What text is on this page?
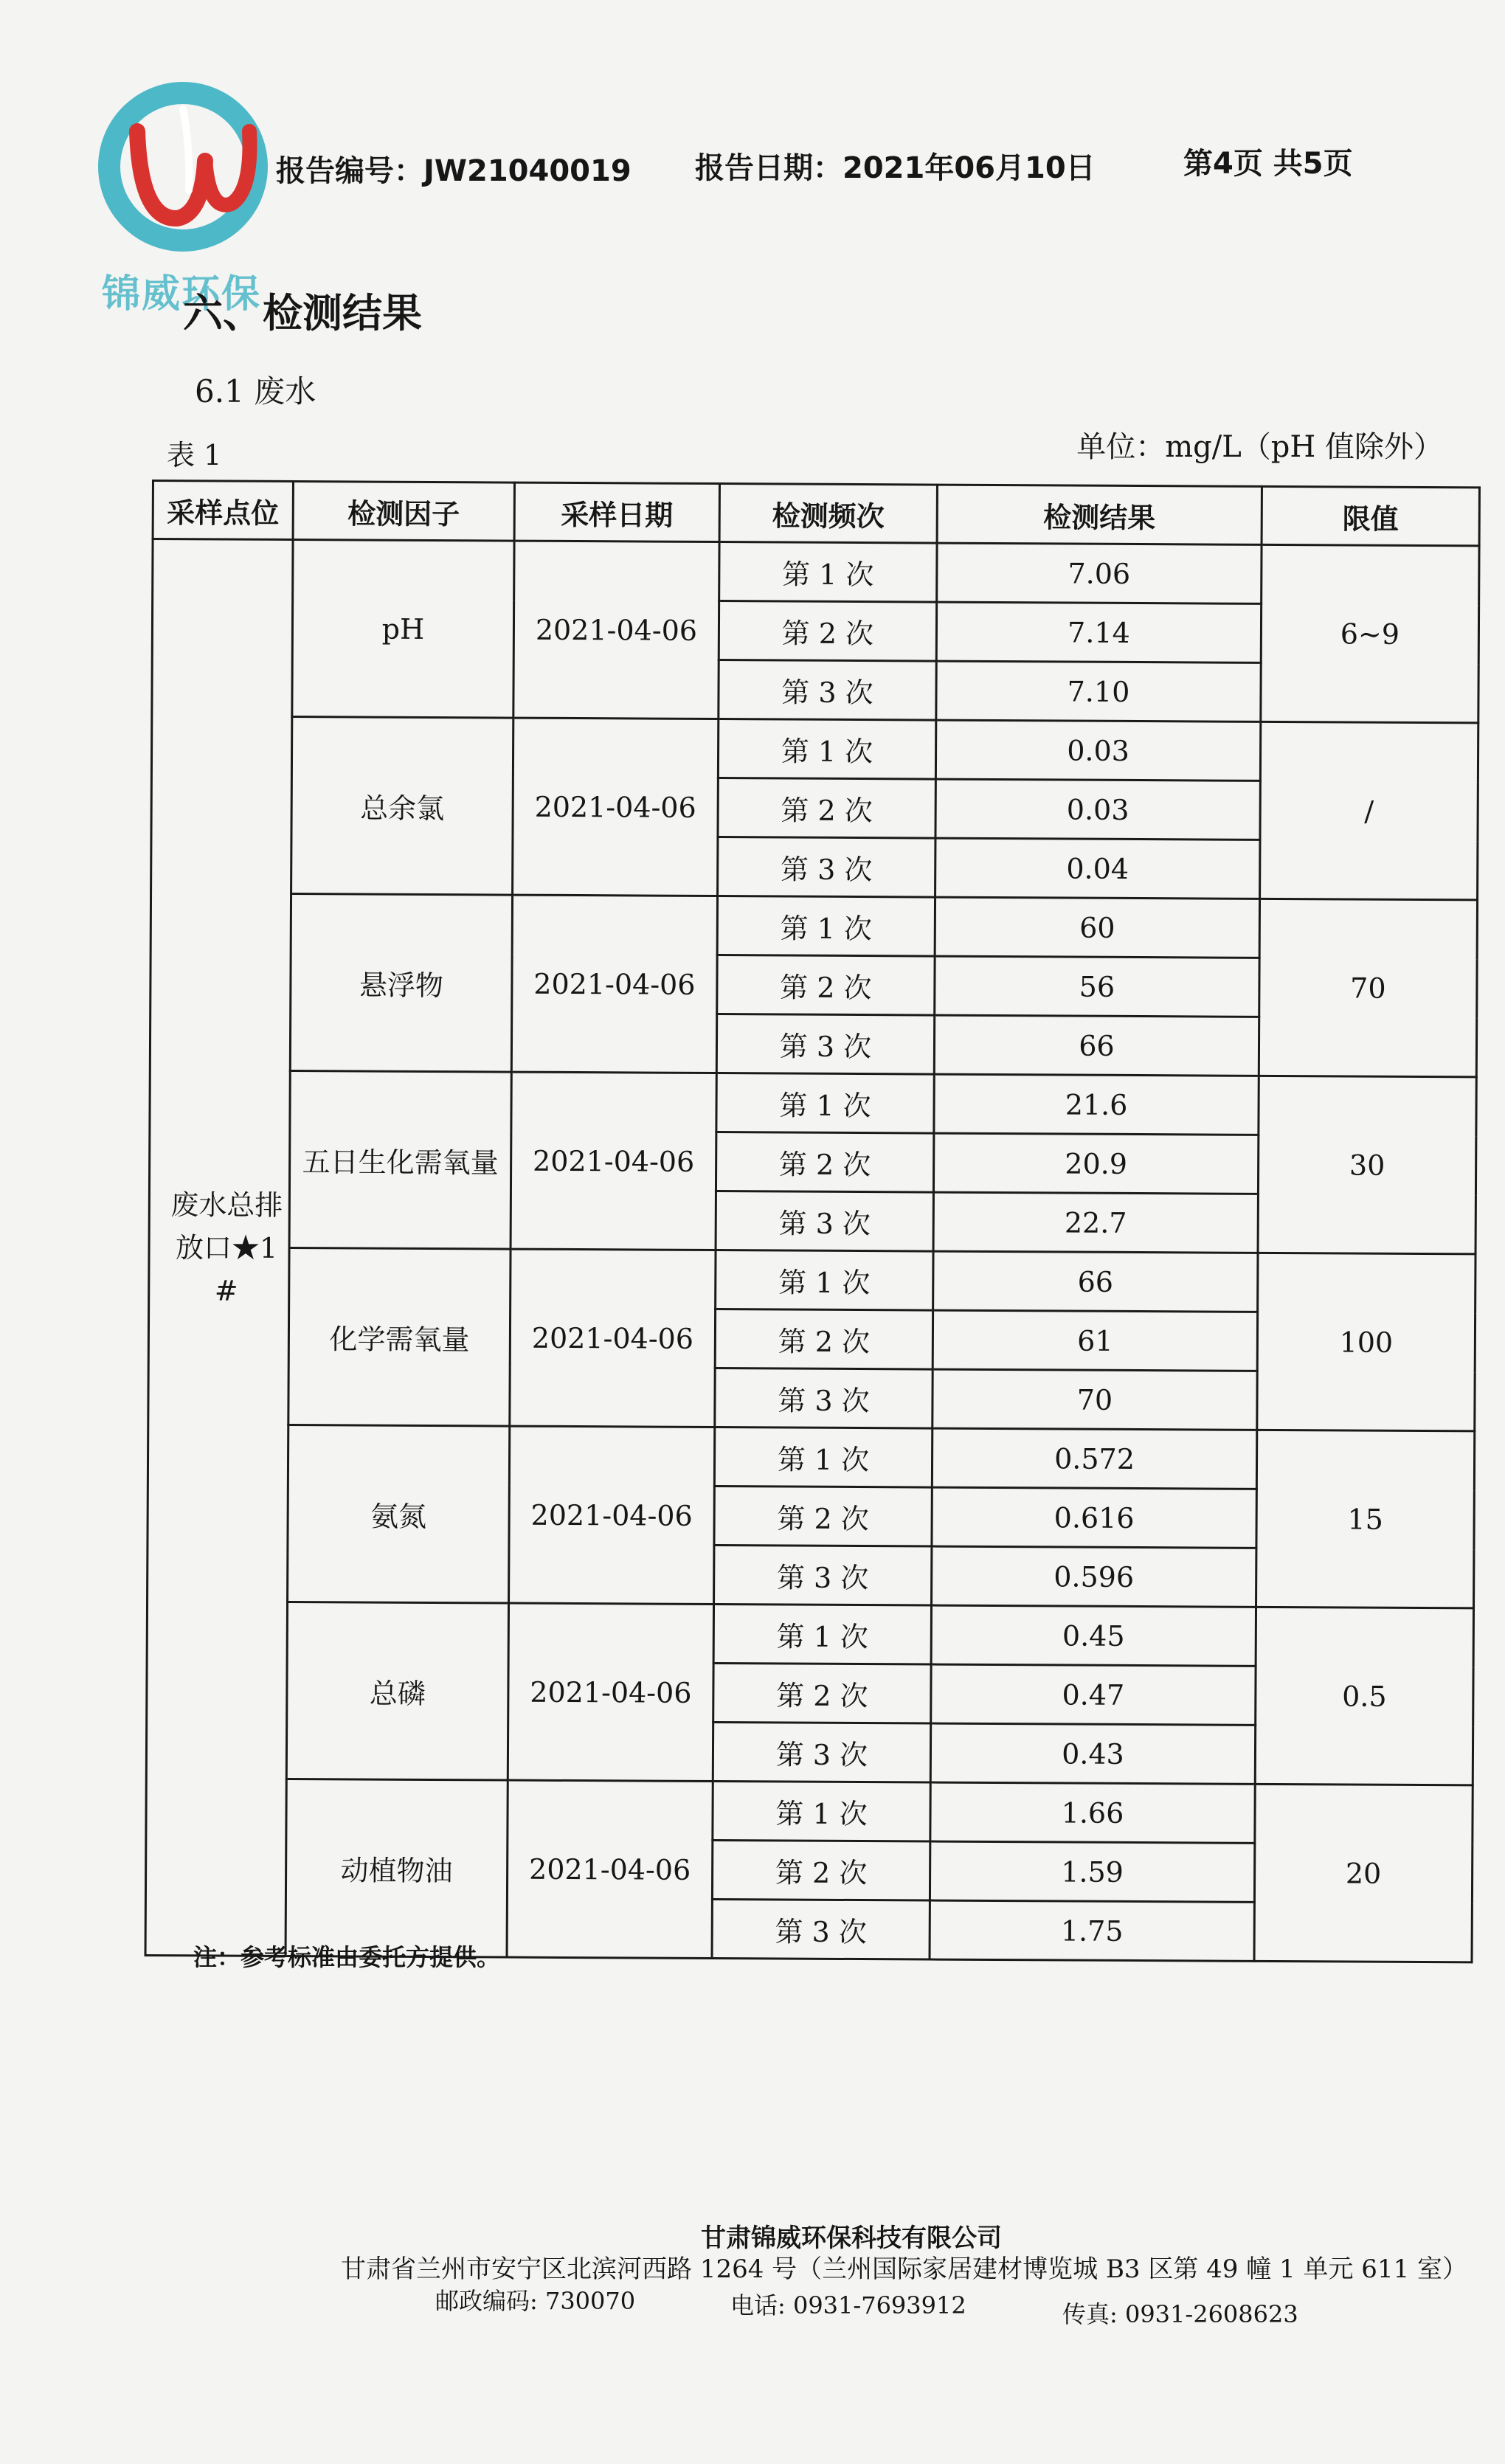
锦威环保
报告编号：JW21040019 报告日期：2021年06月10日	第4页 共5页
六、检测结果
6.1 废水
表 1	单位：mg/L（pH 值除外）
采样点位	检测因子	采样日期	检测频次	检测结果	限值
废水总排放口★1#	pH	2021-04-06	第 1 次	7.06	6~9
			第 2 次	7.14	
			第 3 次	7.10	
	总余氯	2021-04-06	第 1 次	0.03	/
			第 2 次	0.03	
			第 3 次	0.04	
	悬浮物	2021-04-06	第 1 次	60	70
			第 2 次	56	
			第 3 次	66	
	五日生化需氧量	2021-04-06	第 1 次	21.6	30
			第 2 次	20.9	
			第 3 次	22.7	
	化学需氧量	2021-04-06	第 1 次	66	100
			第 2 次	61	
			第 3 次	70	
	氨氮	2021-04-06	第 1 次	0.572	15
			第 2 次	0.616	
			第 3 次	0.596	
	总磷	2021-04-06	第 1 次	0.45	0.5
			第 2 次	0.47	
			第 3 次	0.43	
	动植物油	2021-04-06	第 1 次	1.66	20
			第 2 次	1.59	
			第 3 次	1.75	
注：参考标准由委托方提供。
甘肃锦威环保科技有限公司
甘肃省兰州市安宁区北滨河西路 1264 号（兰州国际家居建材博览城 B3 区第 49 幢 1 单元 611 室）
邮政编码: 730070	电话: 0931-7693912	传真: 0931-2608623
